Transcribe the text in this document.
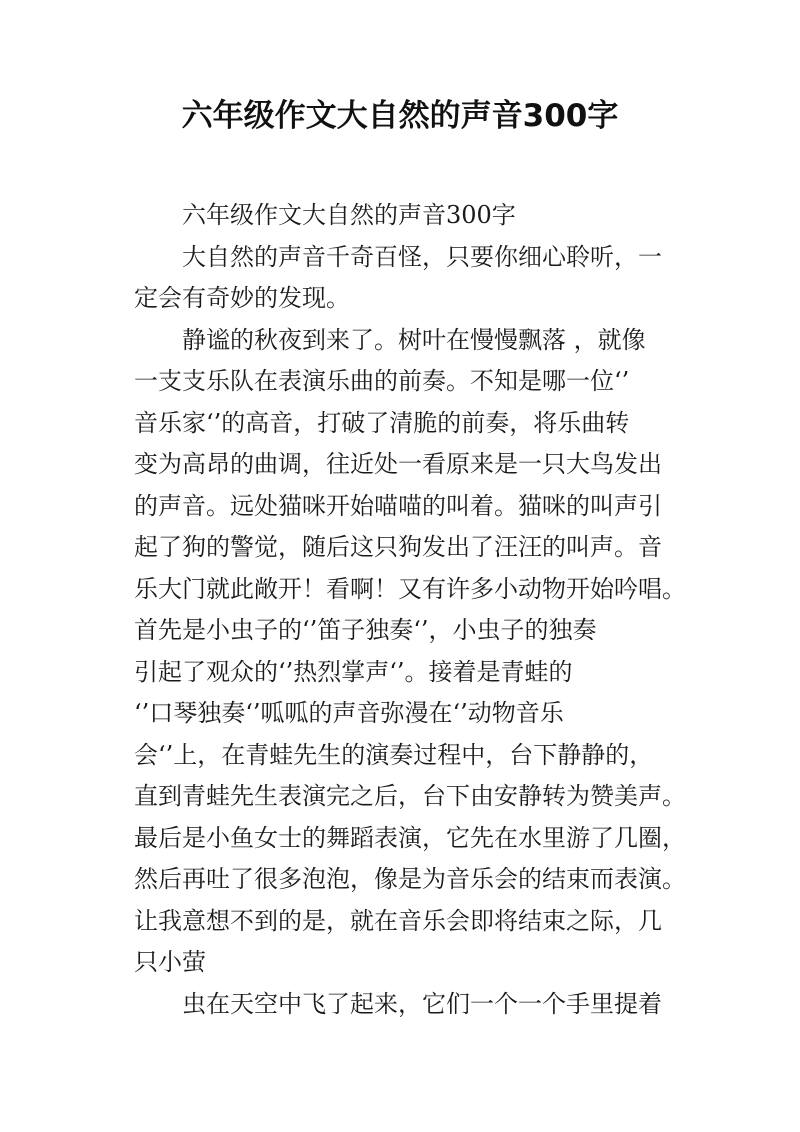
六年级作文大自然的声音300字
六年级作文大自然的声音300字
大自然的声音千奇百怪，只要你细心聆听，一
定会有奇妙的发现。
静谧的秋夜到来了。树叶在慢慢飘落 ，就像
一支支乐队在表演乐曲的前奏。不知是哪一位‘’
音乐家‘’的高音，打破了清脆的前奏，将乐曲转
变为高昂的曲调，往近处一看原来是一只大鸟发出
的声音。远处猫咪开始喵喵的叫着。猫咪的叫声引
起了狗的警觉，随后这只狗发出了汪汪的叫声。音
乐大门就此敞开！看啊！又有许多小动物开始吟唱。
首先是小虫子的‘’笛子独奏‘’，小虫子的独奏
引起了观众的‘’热烈掌声‘’。接着是青蛙的
‘’口琴独奏‘’呱呱的声音弥漫在‘’动物音乐
会‘’上，在青蛙先生的演奏过程中，台下静静的，
直到青蛙先生表演完之后，台下由安静转为赞美声。
最后是小鱼女士的舞蹈表演，它先在水里游了几圈，
然后再吐了很多泡泡，像是为音乐会的结束而表演。
让我意想不到的是，就在音乐会即将结束之际，几
只小萤
虫在天空中飞了起来，它们一个一个手里提着
